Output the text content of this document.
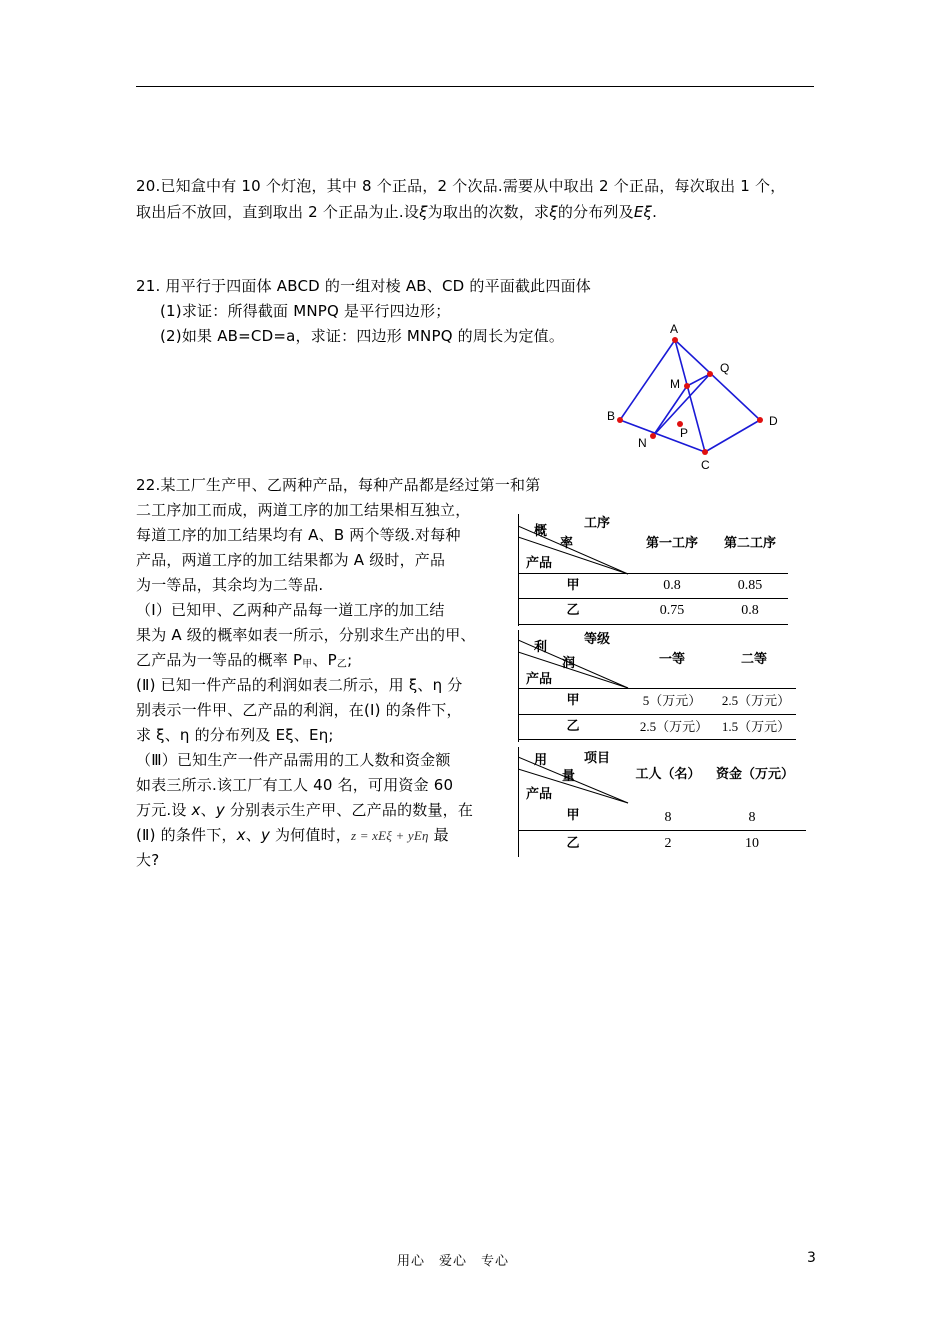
20.已知盒中有 10 个灯泡，其中 8 个正品，2 个次品.需要从中取出 2 个正品，每次取出 1 个，
取出后不放回，直到取出 2 个正品为止.设ξ为取出的次数，求ξ的分布列及Eξ.
21. 用平行于四面体 ABCD 的一组对棱 AB、CD 的平面截此四面体
(1)求证：所得截面 MNPQ 是平行四边形；
(2)如果 AB=CD=a，求证：四边形 MNPQ 的周长为定值。	A
B
C
D
M
N
P
Q
22.某工厂生产甲、乙两种产品，每种产品都是经过第一和第
二工序加工而成，两道工序的加工结果相互独立，
每道工序的加工结果均有 A、B 两个等级.对每种
产品，两道工序的加工结果都为 A 级时，产品
为一等品，其余均为二等品.
（Ⅰ）已知甲、乙两种产品每一道工序的加工结
果为 A 级的概率如表一所示，分别求生产出的甲、
乙产品为一等品的概率 $P_甲$、$P_乙$;
(Ⅱ) 已知一件产品的利润如表二所示，用 ξ、η 分
别表示一件甲、乙产品的利润，在(Ⅰ) 的条件下，
求 ξ、η 的分布列及 Eξ、Eη;
（Ⅲ）已知生产一件产品需用的工人数和资金额
如表三所示.该工厂有工人 40 名，可用资金 60
万元.设 x、y 分别表示生产甲、乙产品的数量，在
(Ⅱ) 的条件下，x、y 为何值时，z = xEξ + yEη 最
大?
工序
概
率
产品
第一工序	第二工序
甲	0.8	0.85
乙	0.75	0.8
等级
利
润
产品
一等	二等
甲	5（万元）	2.5（万元）
乙	2.5（万元）	1.5（万元）
项目
用
量
产品
工人（名）	资金（万元）
甲	8	8
乙	2	10
用心　爱心　专心	3
